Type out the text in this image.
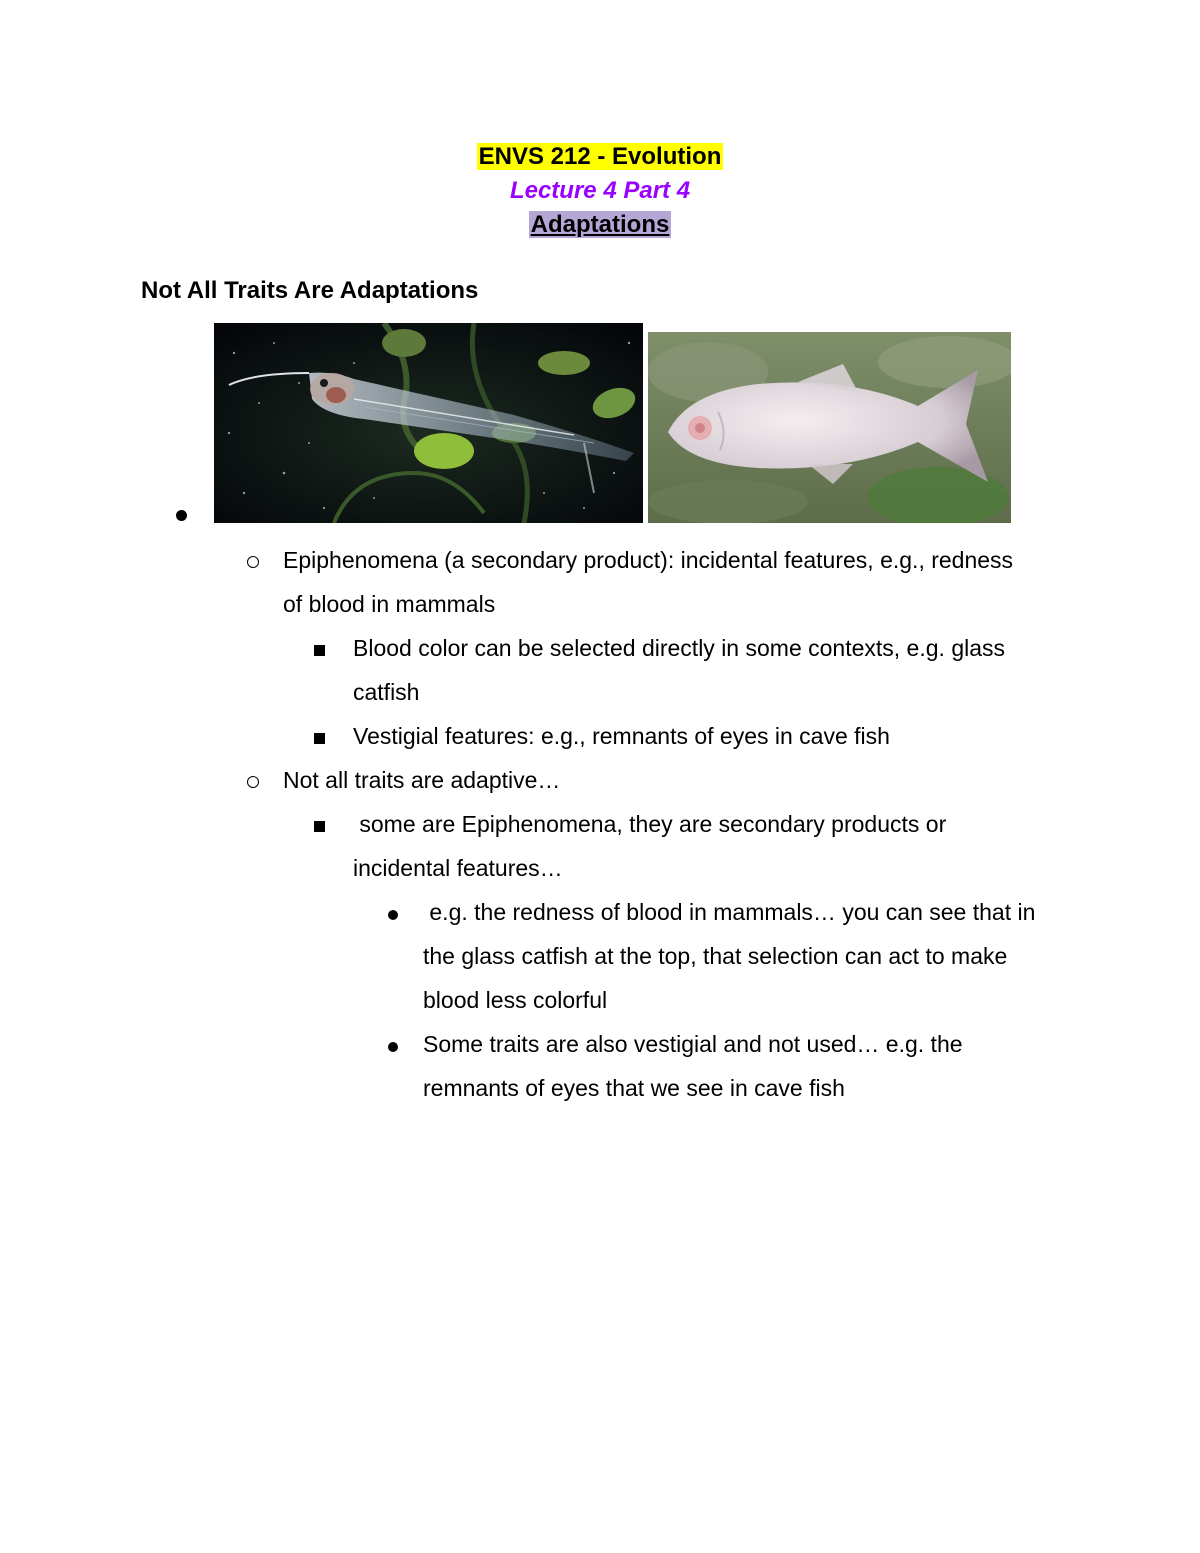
ENVS 212 - Evolution
Lecture 4 Part 4
Adaptations
Not All Traits Are Adaptations
Epiphenomena (a secondary product): incidental features, e.g., redness of blood in mammals
Blood color can be selected directly in some contexts, e.g. glass catfish
Vestigial features: e.g., remnants of eyes in cave fish
Not all traits are adaptive…
some are Epiphenomena, they are secondary products or incidental features…
e.g. the redness of blood in mammals… you can see that in the glass catfish at the top, that selection can act to make blood less colorful
Some traits are also vestigial and not used… e.g. the remnants of eyes that we see in cave fish
